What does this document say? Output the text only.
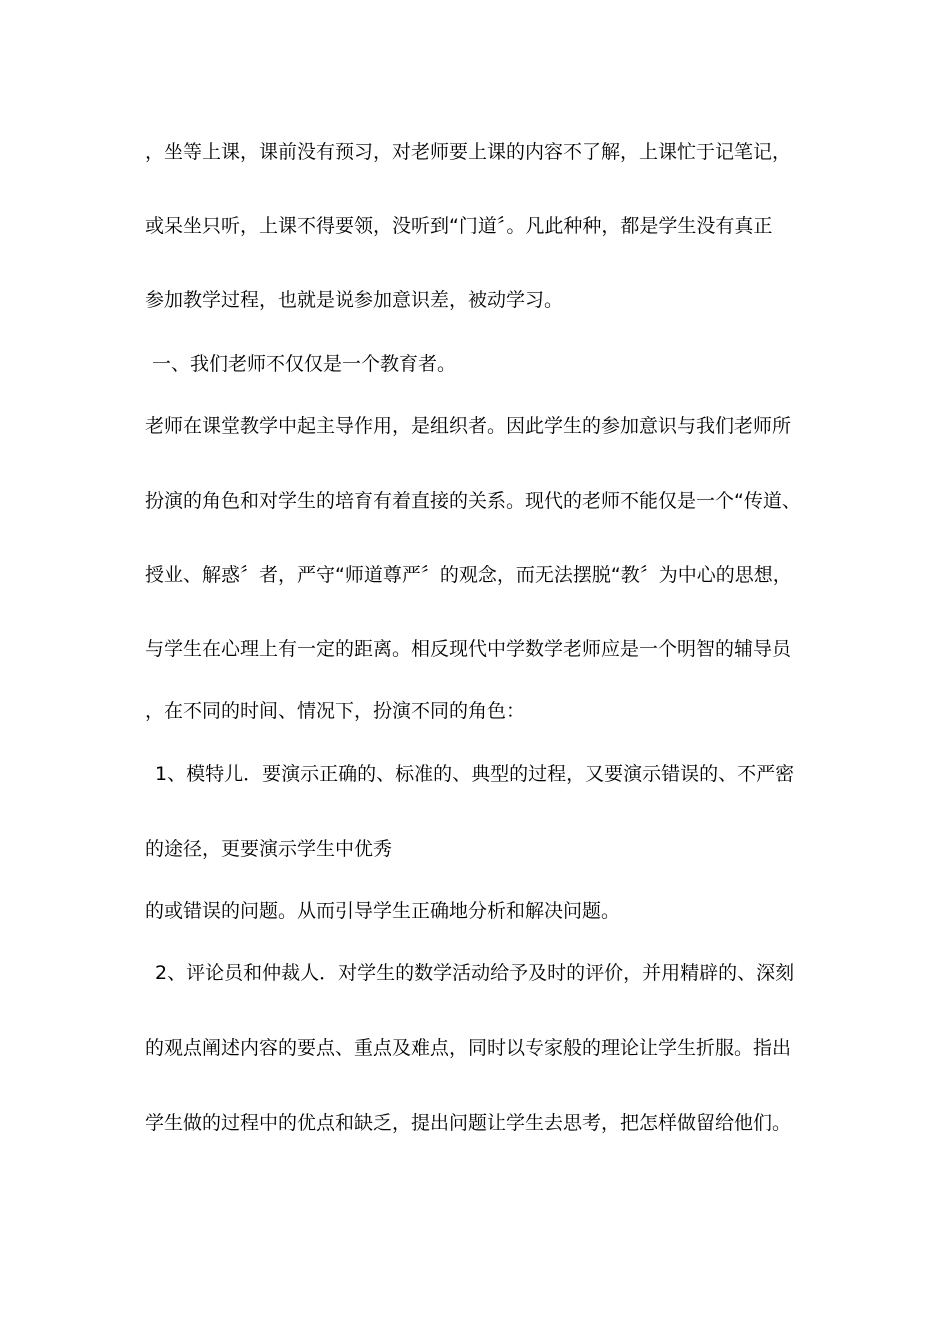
，坐等上课，课前没有预习，对老师要上课的内容不了解，上课忙于记笔记，
或呆坐只听，上课不得要领，没听到“门道〞。凡此种种，都是学生没有真正
参加教学过程，也就是说参加意识差，被动学习。
一、我们老师不仅仅是一个教育者。
老师在课堂教学中起主导作用，是组织者。因此学生的参加意识与我们老师所
扮演的角色和对学生的培育有着直接的关系。现代的老师不能仅是一个“传道、
授业、解惑〞者，严守“师道尊严〞的观念，而无法摆脱“教〞为中心的思想，
与学生在心理上有一定的距离。相反现代中学数学老师应是一个明智的辅导员
，在不同的时间、情况下，扮演不同的角色：
1、模特儿．要演示正确的、标准的、典型的过程，又要演示错误的、不严密
的途径，更要演示学生中优秀
的或错误的问题。从而引导学生正确地分析和解决问题。
2、评论员和仲裁人．对学生的数学活动给予及时的评价，并用精辟的、深刻
的观点阐述内容的要点、重点及难点，同时以专家般的理论让学生折服。指出
学生做的过程中的优点和缺乏，提出问题让学生去思考，把怎样做留给他们。
